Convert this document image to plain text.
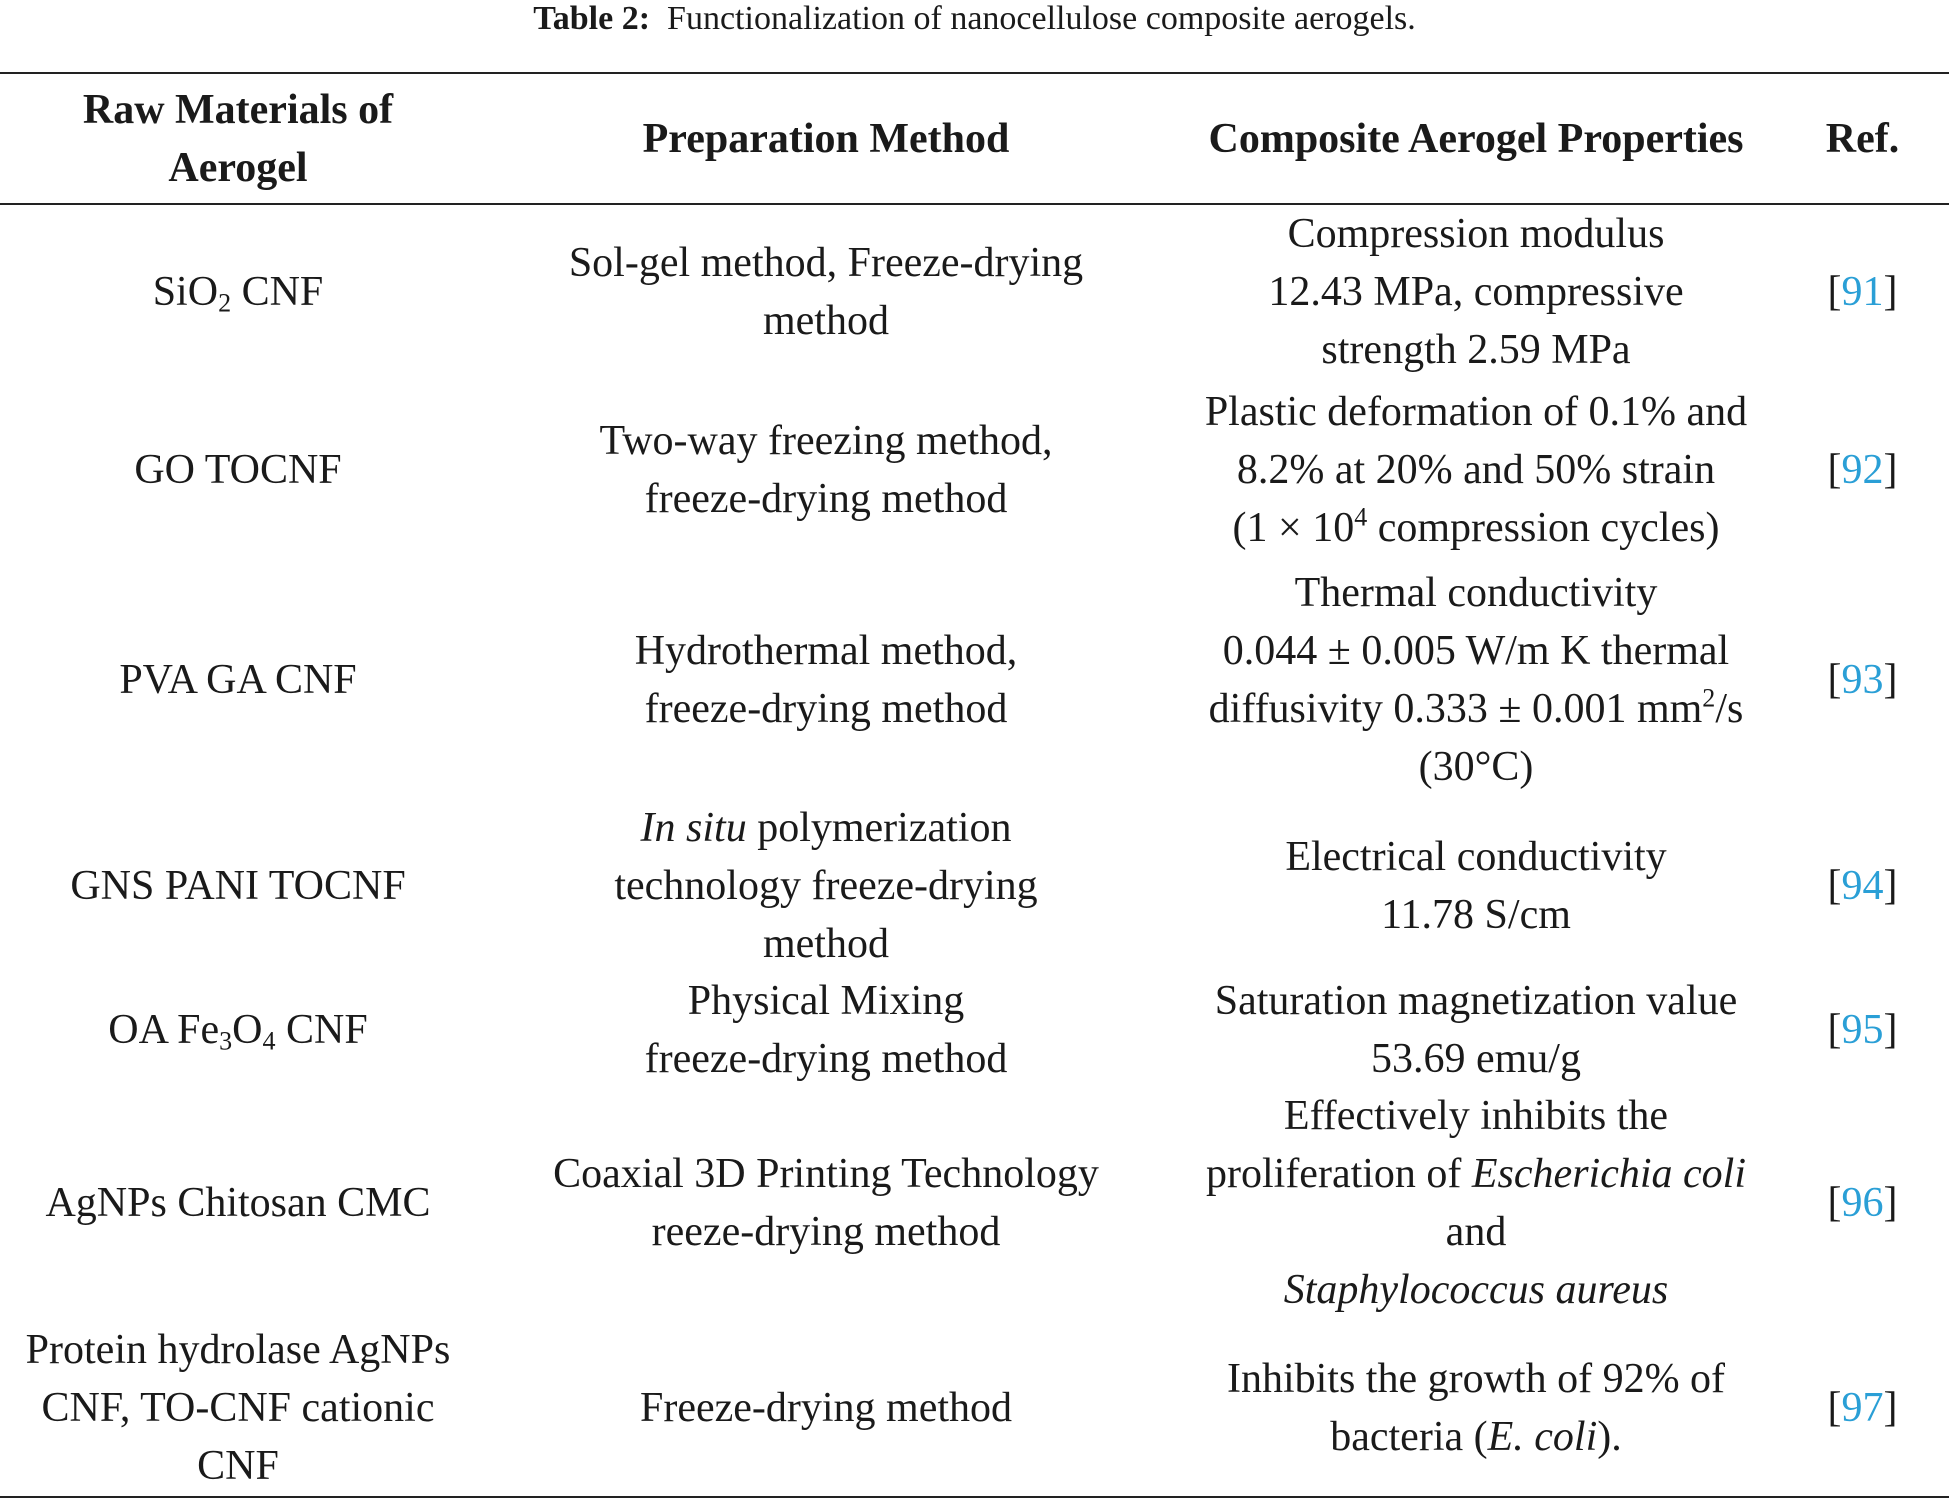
Table 2: Functionalization of nanocellulose composite aerogels.
Raw Materials of
Aerogel
Preparation Method	Composite Aerogel Properties	Ref.
SiO$_2$ CNF
Sol-gel method, Freeze-drying
method
Compression modulus
12.43 MPa, compressive
strength 2.59 MPa
[91]
GO TOCNF
Two-way freezing method,
freeze-drying method
Plastic deformation of 0.1% and
8.2% at 20% and 50% strain
($1 \times 10^4$ compression cycles)
[92]
PVA GA CNF
Hydrothermal method,
freeze-drying method
Thermal conductivity
0.044 ± 0.005 W/m K thermal
diffusivity 0.333 ± 0.001 $mm^2/s$
(30°C)
[93]
GNS PANI TOCNF
In situ polymerization
technology freeze-drying
method
Electrical conductivity
11.78 S/cm
[94]
OA $Fe_3O_4$ CNF
Physical Mixing
freeze-drying method
Saturation magnetization value
53.69 emu/g
[95]
AgNPs Chitosan CMC
Coaxial 3D Printing Technology
reeze-drying method
Effectively inhibits the
proliferation of Escherichia coli
and
Staphylococcus aureus
[96]
Protein hydrolase AgNPs
CNF, TO-CNF cationic
CNF
Freeze-drying method
Inhibits the growth of 92% of
bacteria (E. coli).
[97]
